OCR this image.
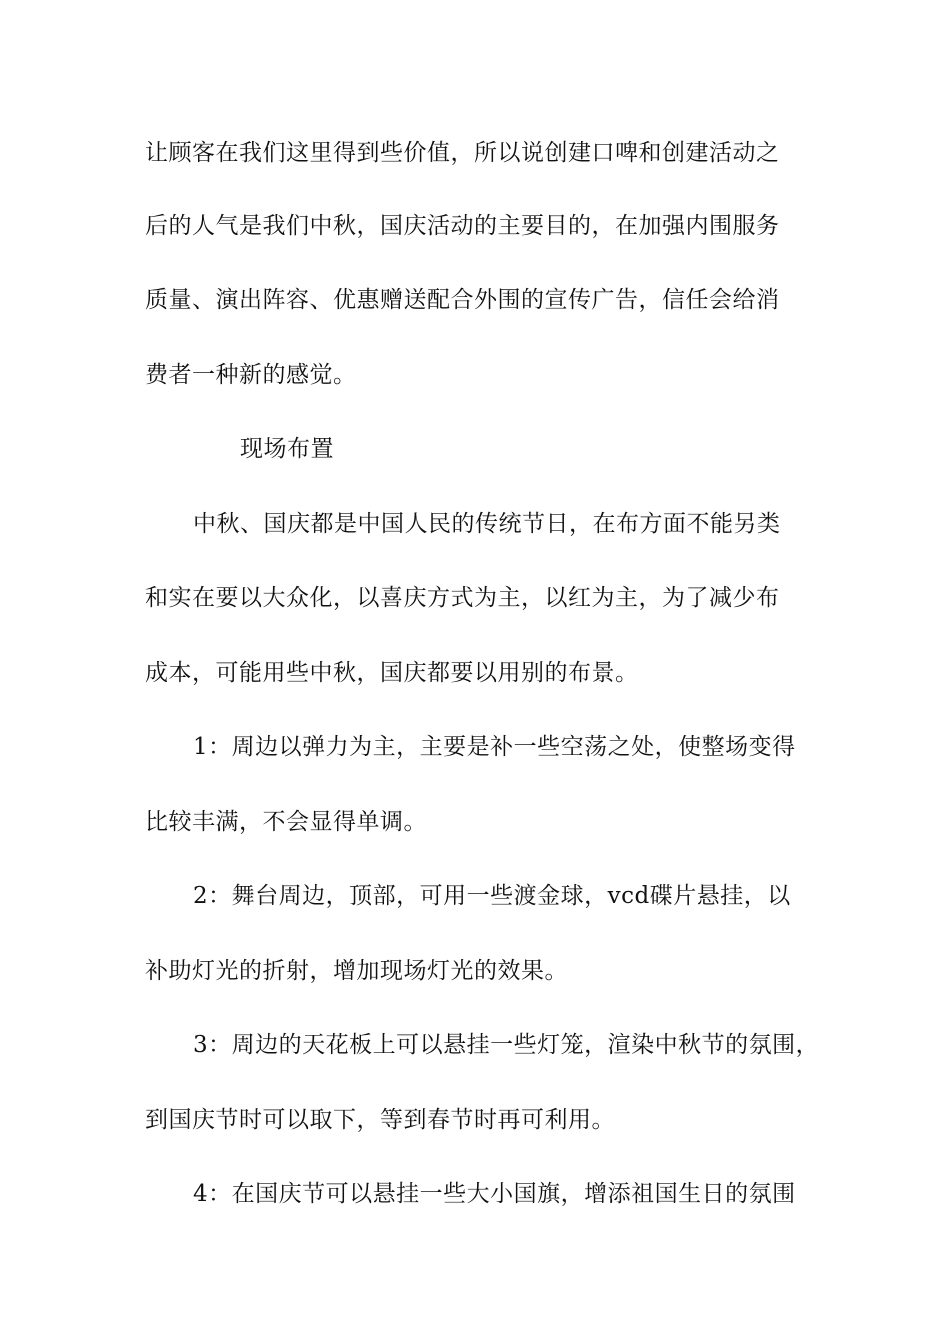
让顾客在我们这里得到些价值，所以说创建口啤和创建活动之
后的人气是我们中秋，国庆活动的主要目的，在加强内围服务
质量、演出阵容、优惠赠送配合外围的宣传广告，信任会给消
费者一种新的感觉。
现场布置
中秋、国庆都是中国人民的传统节日，在布方面不能另类
和实在要以大众化，以喜庆方式为主，以红为主，为了减少布
成本，可能用些中秋，国庆都要以用别的布景。
1：周边以弹力为主，主要是补一些空荡之处，使整场变得
比较丰满，不会显得单调。
2：舞台周边，顶部，可用一些渡金球，vcd碟片悬挂，以
补助灯光的折射，增加现场灯光的效果。
3：周边的天花板上可以悬挂一些灯笼，渲染中秋节的氛围，
到国庆节时可以取下，等到春节时再可利用。
4：在国庆节可以悬挂一些大小国旗，增添祖国生日的氛围
